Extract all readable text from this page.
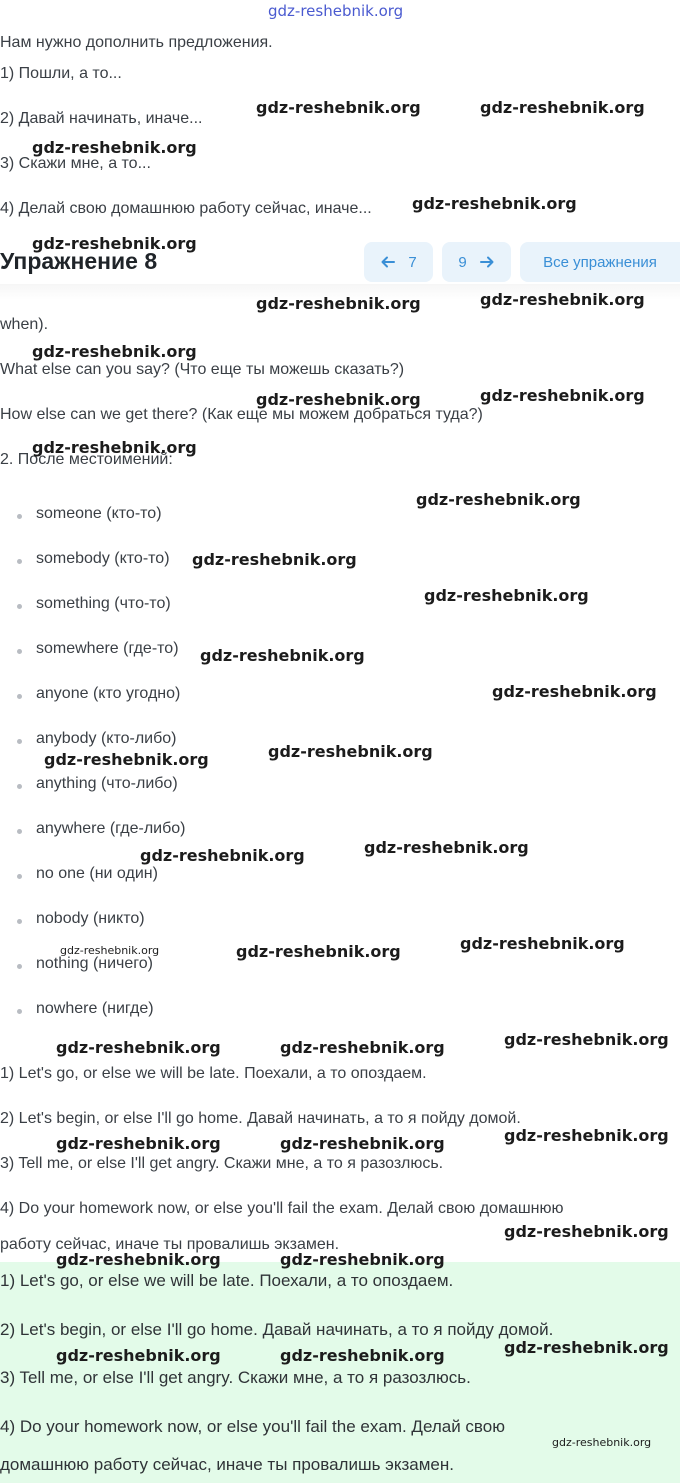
gdz-reshebnik.org
Нам нужно дополнить предложения.
1) Пошли, а то...
2) Давай начинать, иначе...
3) Скажи мне, а то...
4) Делай свою домашнюю работу сейчас, иначе...
Упражнение 8	7	9	Все упражнения
when).
What else can you say? (Что еще ты можешь сказать?)
How else can we get there? (Как еще мы можем добраться туда?)
2. После местоимений:
someone (кто-то)
somebody (кто-то)
something (что-то)
somewhere (где-то)
anyone (кто угодно)
anybody (кто-либо)
anything (что-либо)
anywhere (где-либо)
no one (ни один)
nobody (никто)
nothing (ничего)
nowhere (нигде)
1) Let's go, or else we will be late. Поехали, а то опоздаем.
2) Let's begin, or else I'll go home. Давай начинать, а то я пойду домой.
3) Tell me, or else I'll get angry. Скажи мне, а то я разозлюсь.
4) Do your homework now, or else you'll fail the exam. Делай свою домашнюю
работу сейчас, иначе ты провалишь экзамен.
1) Let's go, or else we will be late. Поехали, а то опоздаем.
2) Let's begin, or else I'll go home. Давай начинать, а то я пойду домой.
3) Tell me, or else I'll get angry. Скажи мне, а то я разозлюсь.
4) Do your homework now, or else you'll fail the exam. Делай свою
домашнюю работу сейчас, иначе ты провалишь экзамен.
gdz-reshebnik.org	gdz-reshebnik.org
gdz-reshebnik.org
gdz-reshebnik.org
gdz-reshebnik.org
gdz-reshebnik.org	gdz-reshebnik.org
gdz-reshebnik.org
gdz-reshebnik.org	gdz-reshebnik.org
gdz-reshebnik.org
gdz-reshebnik.org
gdz-reshebnik.org
gdz-reshebnik.org
gdz-reshebnik.org
gdz-reshebnik.org
gdz-reshebnik.org
gdz-reshebnik.org
gdz-reshebnik.org
gdz-reshebnik.org
gdz-reshebnik.org
gdz-reshebnik.org
gdz-reshebnik.org
gdz-reshebnik.org
gdz-reshebnik.org	gdz-reshebnik.org
gdz-reshebnik.org
gdz-reshebnik.org	gdz-reshebnik.org
gdz-reshebnik.org
gdz-reshebnik.org	gdz-reshebnik.org
gdz-reshebnik.org
gdz-reshebnik.org	gdz-reshebnik.org
gdz-reshebnik.org
